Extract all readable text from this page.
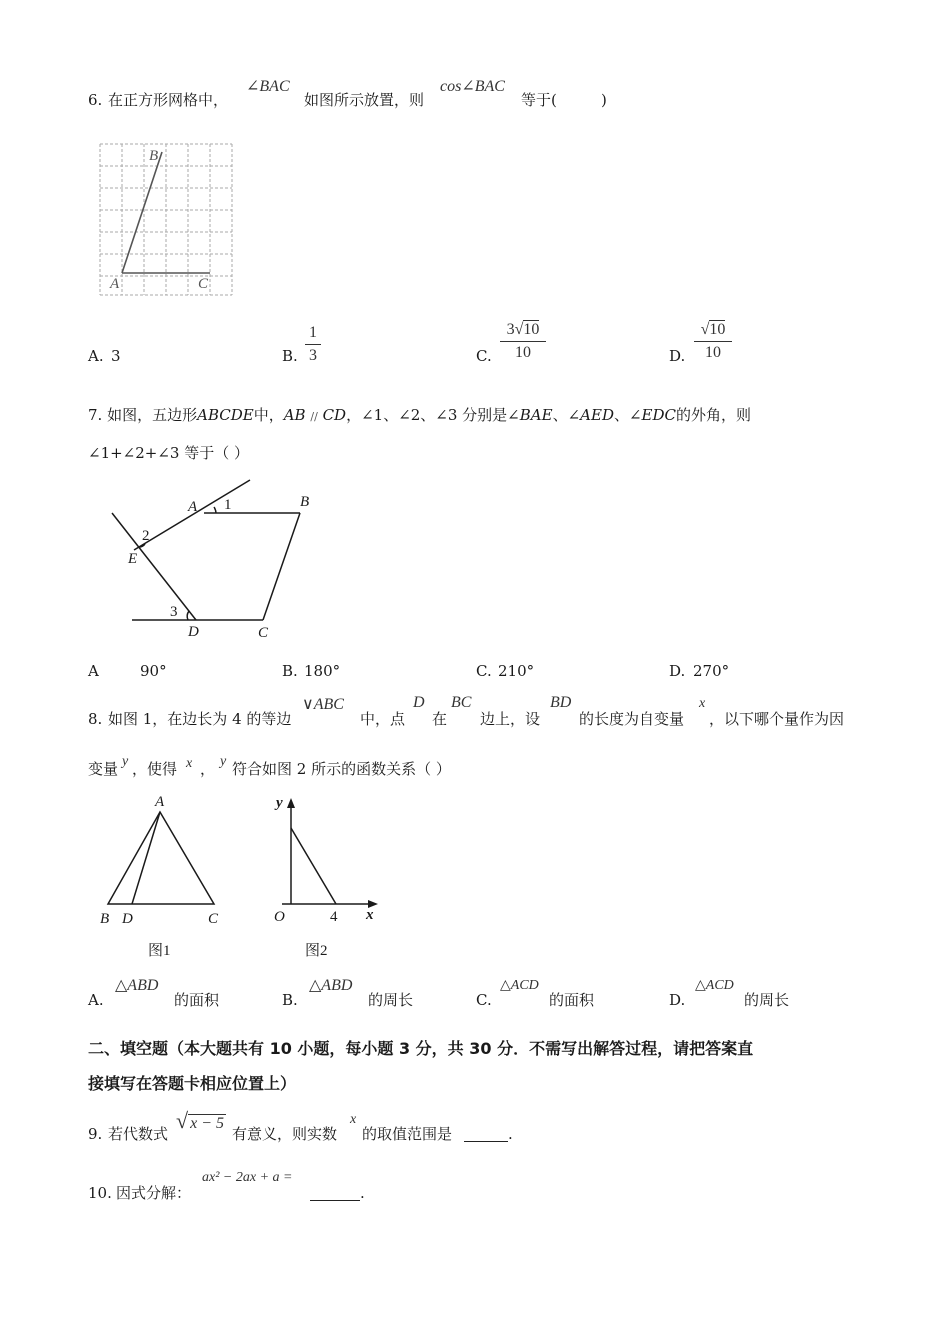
6. 在正方形网格中，
∠BAC
如图所示放置，则
cos∠BAC
等于(	)
B
A	C
A. 3	B.
1
3	C.
3√10
10	D.
√10
10
7. 如图，五边形ABCDE中，AB // CD，∠1、∠2、∠3 分别是∠BAE、∠AED、∠EDC的外角，则
∠1+∠2+∠3 等于（ ）
A 1	B
2
E
3
D	C
A	90°	B. 180°	C. 210°	D. 270°
8. 如图 1，在边长为 4 的等边
∨ABC
中，点
D
在
BC
边上，设
BD
的长度为自变量
x
，以下哪个量作为因
变量 y ，使得 x ， y 符合如图 2 所示的函数关系（ ）
A
B D	C
图1
y
x
O	4
图2
A.
△ABD
的面积	B.
△ABD
的周长	C.
△ACD
的面积	D.
△ACD
的周长
二、填空题（本大题共有 10 小题，每小题 3 分，共 30 分．不需写出解答过程，请把答案直
接填写在答题卡相应位置上）
9. 若代数式
√ x − 5
有意义，则实数
x
的取值范围是	.
10. 因式分解：
ax² − 2ax + a =
.
